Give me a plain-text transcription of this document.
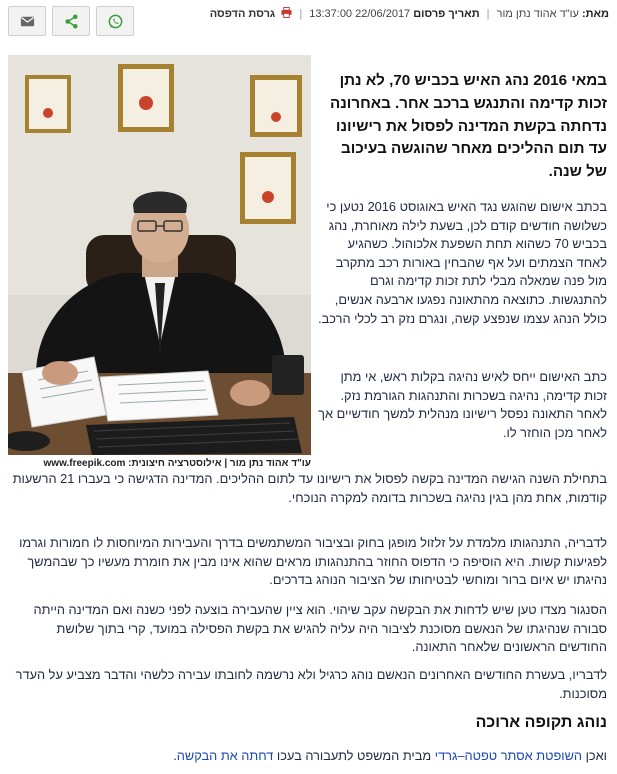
מאת: עו"ד אהוד נתן מור | תאריך פרסום 22/06/2017 13:37:00 |  גרסת הדפסה
עו"ד אהוד נתן מור | אילוסטרציה חיצונית: www.freepik.com

במאי 2016 נהג האיש בכביש 70, לא נתן זכות קדימה והתנגש ברכב אחר. באחרונה נדחתה בקשת המדינה לפסול את רישיונו עד תום ההליכים מאחר שהוגשה בעיכוב של שנה.

בכתב אישום שהוגש נגד האיש באוגוסט 2016 נטען כי כשלושה חודשים קודם לכן, בשעת לילה מאוחרת, נהג בכביש 70 כשהוא תחת השפעת אלכוהול. כשהגיע לאחד הצמתים ועל אף שהבחין באורות רכב מתקרב מול פנה שמאלה מבלי לתת זכות קדימה וגרם להתנגשות. כתוצאה מהתאונה נפגעו ארבעה אנשים, כולל הנהג עצמו שנפצע קשה, ונגרם נזק רב לכלי הרכב.

כתב האישום ייחס לאיש נהיגה בקלות ראש, אי מתן זכות קדימה, נהיגה בשכרות והתנהגות הגורמת נזק. לאחר התאונה נפסל רישיונו מנהלית למשך חודשיים אך לאחר מכן הוחזר לו.

בתחילת השנה הגישה המדינה בקשה לפסול את רישיונו עד לתום ההליכים. המדינה הדגישה כי בעברו 21 הרשעות קודמות, אחת מהן בגין נהיגה בשכרות בדומה למקרה הנוכחי.

לדבריה, התנהגותו מלמדת על זלזול מופגן בחוק ובציבור המשתמשים בדרך והעבירות המיוחסות לו חמורות וגרמו לפגיעות קשות. היא הוסיפה כי הדפוס החוזר בהתנהגותו מראים שהוא אינו מבין את חומרת מעשיו כך שבהמשך נהיגתו יש איום ברור ומוחשי לבטיחותו של הציבור הנוהג בדרכים.

הסנגור מצדו טען שיש לדחות את הבקשה עקב שיהוי. הוא ציין שהעבירה בוצעה לפני כשנה ואם המדינה הייתה סבורה שנהיגתו של הנאשם מסוכנת לציבור היה עליה להגיש את בקשת הפסילה במועד, קרי בתוך שלושת החודשים הראשונים שלאחר התאונה.

לדבריו, בעשרת החודשים האחרונים הנאשם נוהג כרגיל ולא נרשמה לחובתו עבירה כלשהי והדבר מצביע על העדר מסוכנות.

נוהג תקופה ארוכה

ואכן השופטת אסתר טפטה–גרדי מבית המשפט לתעבורה בעכו דחתה את הבקשה.
